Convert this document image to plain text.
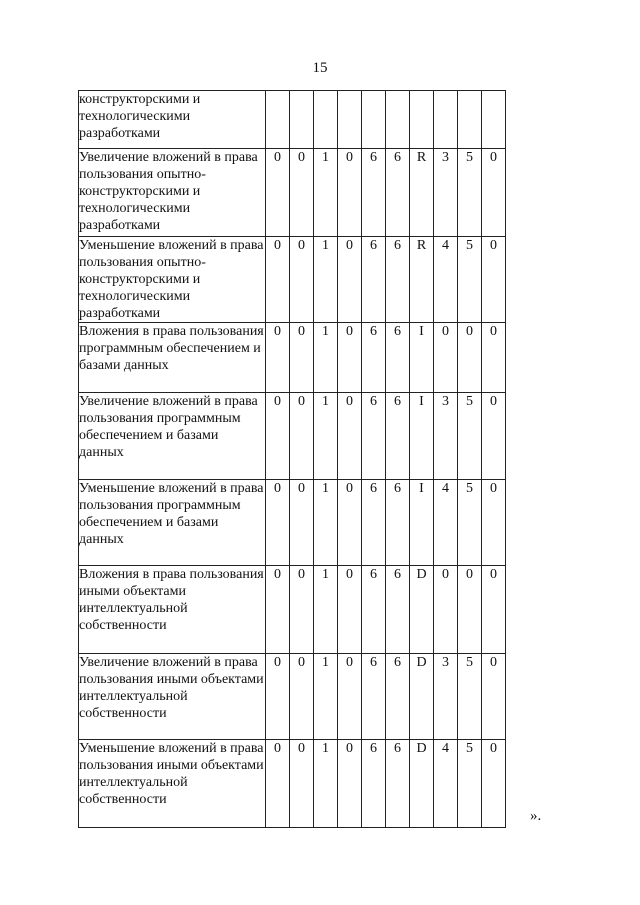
15
конструкторскими и технологическими разработками										
Увеличение вложений в права пользования опытно-конструкторскими и технологическими разработками	0	0	1	0	6	6	R	3	5	0
Уменьшение вложений в права пользования опытно-конструкторскими и технологическими разработками	0	0	1	0	6	6	R	4	5	0
Вложения в права пользования программным обеспечением и базами данных	0	0	1	0	6	6	I	0	0	0
Увеличение вложений в права пользования программным обеспечением и базами данных	0	0	1	0	6	6	I	3	5	0
Уменьшение вложений в права пользования программным обеспечением и базами данных	0	0	1	0	6	6	I	4	5	0
Вложения в права пользования иными объектами интеллектуальной собственности	0	0	1	0	6	6	D	0	0	0
Увеличение вложений в права пользования иными объектами интеллектуальной собственности	0	0	1	0	6	6	D	3	5	0
Уменьшение вложений в права пользования иными объектами интеллектуальной собственности	0	0	1	0	6	6	D	4	5	0
».
